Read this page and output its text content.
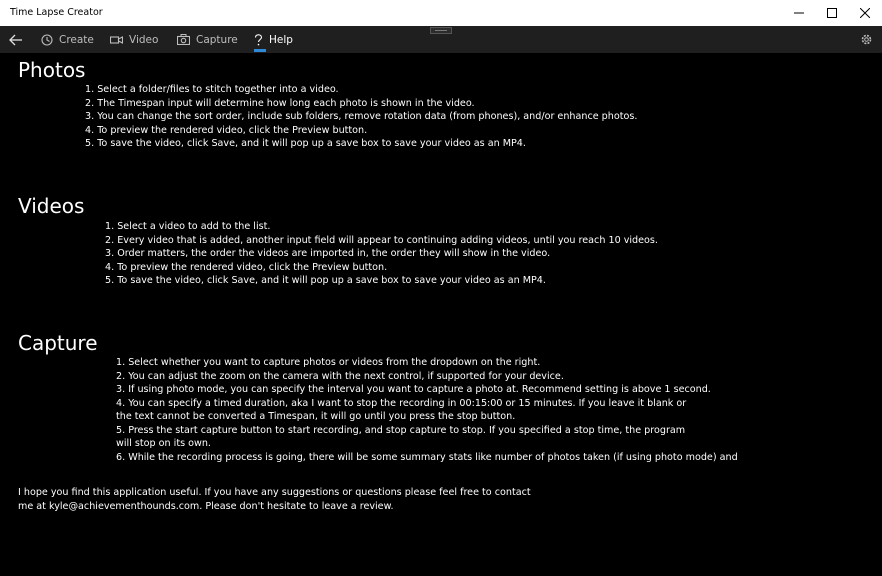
Time Lapse Creator
Create	Video	Capture	Help
Photos
1. Select a folder/files to stitch together into a video.
2. The Timespan input will determine how long each photo is shown in the video.
3. You can change the sort order, include sub folders, remove rotation data (from phones), and/or enhance photos.
4. To preview the rendered video, click the Preview button.
5. To save the video, click Save, and it will pop up a save box to save your video as an MP4.
Videos
1. Select a video to add to the list.
2. Every video that is added, another input field will appear to continuing adding videos, until you reach 10 videos.
3. Order matters, the order the videos are imported in, the order they will show in the video.
4. To preview the rendered video, click the Preview button.
5. To save the video, click Save, and it will pop up a save box to save your video as an MP4.
Capture
1. Select whether you want to capture photos or videos from the dropdown on the right.
2. You can adjust the zoom on the camera with the next control, if supported for your device.
3. If using photo mode, you can specify the interval you want to capture a photo at. Recommend setting is above 1 second.
4. You can specify a timed duration, aka I want to stop the recording in 00:15:00 or 15 minutes. If you leave it blank or the text cannot be converted a Timespan, it will go until you press the stop button.
5. Press the start capture button to start recording, and stop capture to stop. If you specified a stop time, the program will stop on its own.
6. While the recording process is going, there will be some summary stats like number of photos taken (if using photo mode) and

I hope you find this application useful. If you have any suggestions or questions please feel free to contact me at kyle@achievementhounds.com. Please don't hesitate to leave a review.
